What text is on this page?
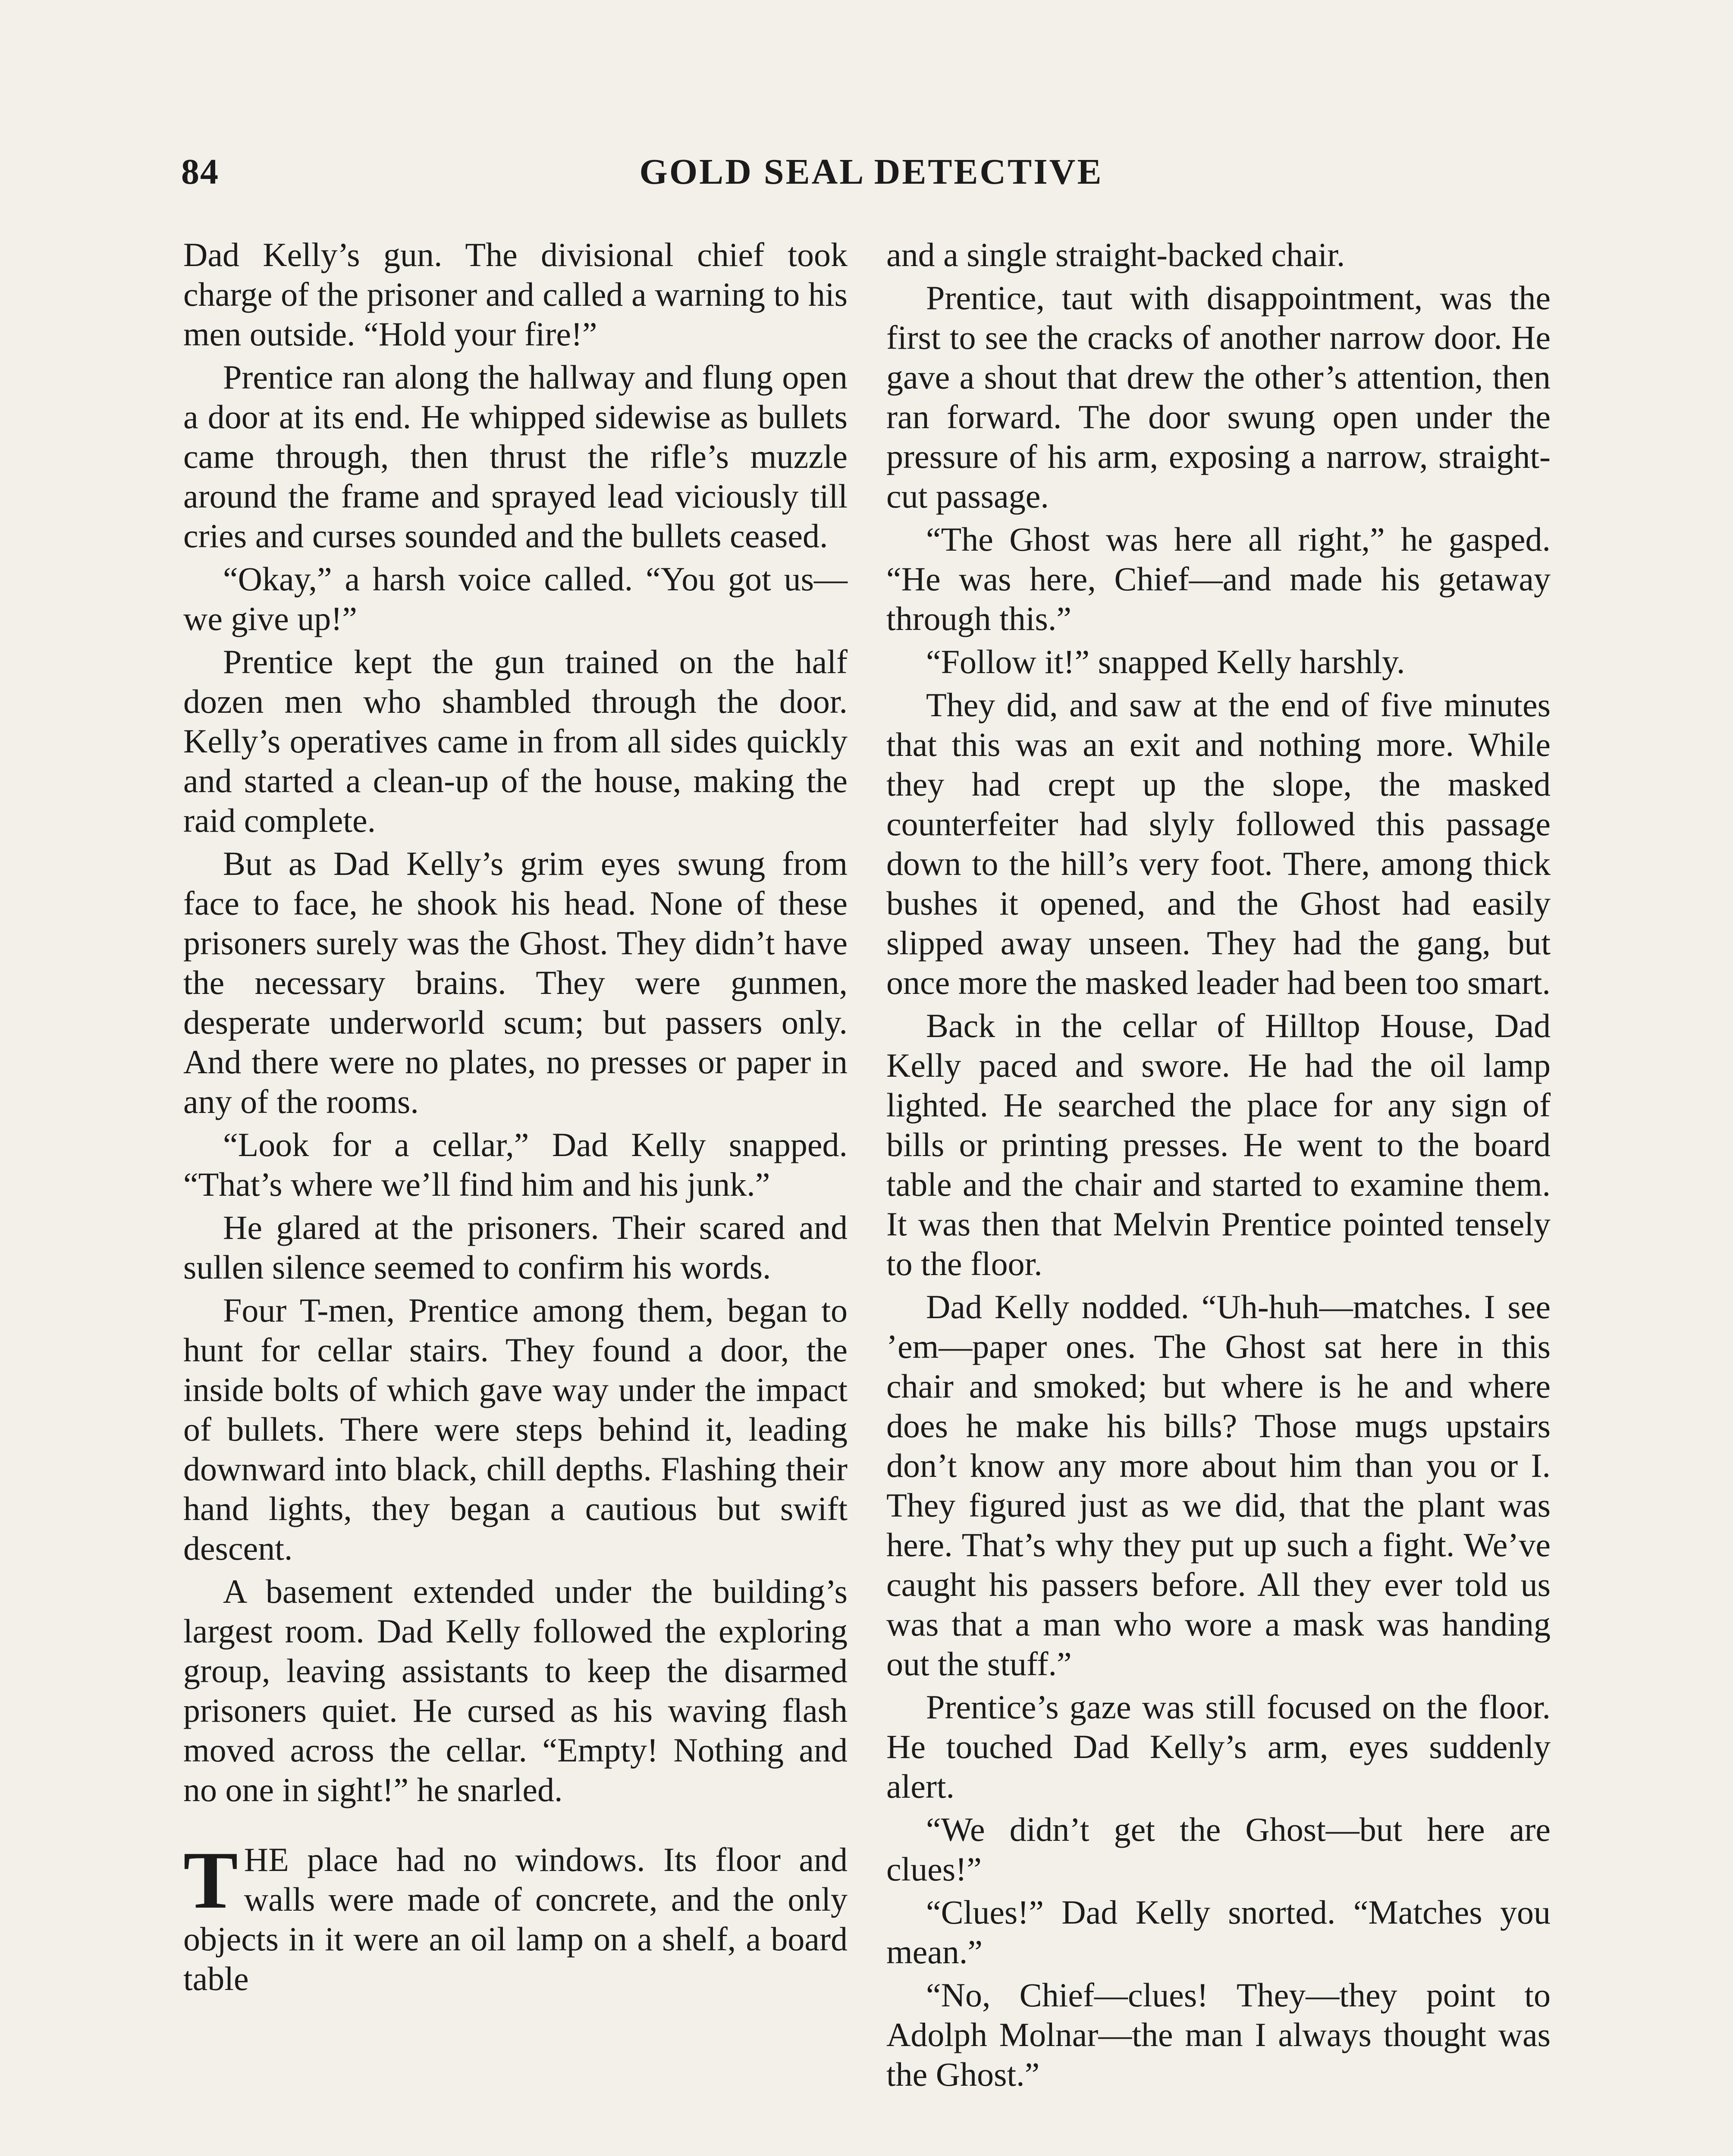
84	GOLD SEAL DETECTIVE

Dad Kelly’s gun. The divisional chief took charge of the prisoner and called a warning to his men outside. “Hold your fire!”

Prentice ran along the hallway and flung open a door at its end. He whipped sidewise as bullets came through, then thrust the rifle’s muzzle around the frame and sprayed lead viciously till cries and curses sounded and the bullets ceased.

“Okay,” a harsh voice called. “You got us—we give up!”

Prentice kept the gun trained on the half dozen men who shambled through the door. Kelly’s operatives came in from all sides quickly and started a clean-up of the house, making the raid complete.

But as Dad Kelly’s grim eyes swung from face to face, he shook his head. None of these prisoners surely was the Ghost. They didn’t have the necessary brains. They were gunmen, desperate underworld scum; but passers only. And there were no plates, no presses or paper in any of the rooms.

“Look for a cellar,” Dad Kelly snapped. “That’s where we’ll find him and his junk.”

He glared at the prisoners. Their scared and sullen silence seemed to confirm his words.

Four T-men, Prentice among them, began to hunt for cellar stairs. They found a door, the inside bolts of which gave way under the impact of bullets. There were steps behind it, leading downward into black, chill depths. Flashing their hand lights, they began a cautious but swift descent.

A basement extended under the building’s largest room. Dad Kelly followed the exploring group, leaving assistants to keep the disarmed prisoners quiet. He cursed as his waving flash moved across the cellar. “Empty! Nothing and no one in sight!” he snarled.

THE place had no windows. Its floor and walls were made of concrete, and the only objects in it were an oil lamp on a shelf, a board table

and a single straight-backed chair.

Prentice, taut with disappointment, was the first to see the cracks of another narrow door. He gave a shout that drew the other’s attention, then ran forward. The door swung open under the pressure of his arm, exposing a narrow, straight-cut passage.

“The Ghost was here all right,” he gasped. “He was here, Chief—and made his getaway through this.”

“Follow it!” snapped Kelly harshly.

They did, and saw at the end of five minutes that this was an exit and nothing more. While they had crept up the slope, the masked counterfeiter had slyly followed this passage down to the hill’s very foot. There, among thick bushes it opened, and the Ghost had easily slipped away unseen. They had the gang, but once more the masked leader had been too smart.

Back in the cellar of Hilltop House, Dad Kelly paced and swore. He had the oil lamp lighted. He searched the place for any sign of bills or printing presses. He went to the board table and the chair and started to examine them. It was then that Melvin Prentice pointed tensely to the floor.

Dad Kelly nodded. “Uh-huh—matches. I see ’em—paper ones. The Ghost sat here in this chair and smoked; but where is he and where does he make his bills? Those mugs upstairs don’t know any more about him than you or I. They figured just as we did, that the plant was here. That’s why they put up such a fight. We’ve caught his passers before. All they ever told us was that a man who wore a mask was handing out the stuff.”

Prentice’s gaze was still focused on the floor. He touched Dad Kelly’s arm, eyes suddenly alert.

“We didn’t get the Ghost—but here are clues!”

“Clues!” Dad Kelly snorted. “Matches you mean.”

“No, Chief—clues! They—they point to Adolph Molnar—the man I always thought was the Ghost.”
